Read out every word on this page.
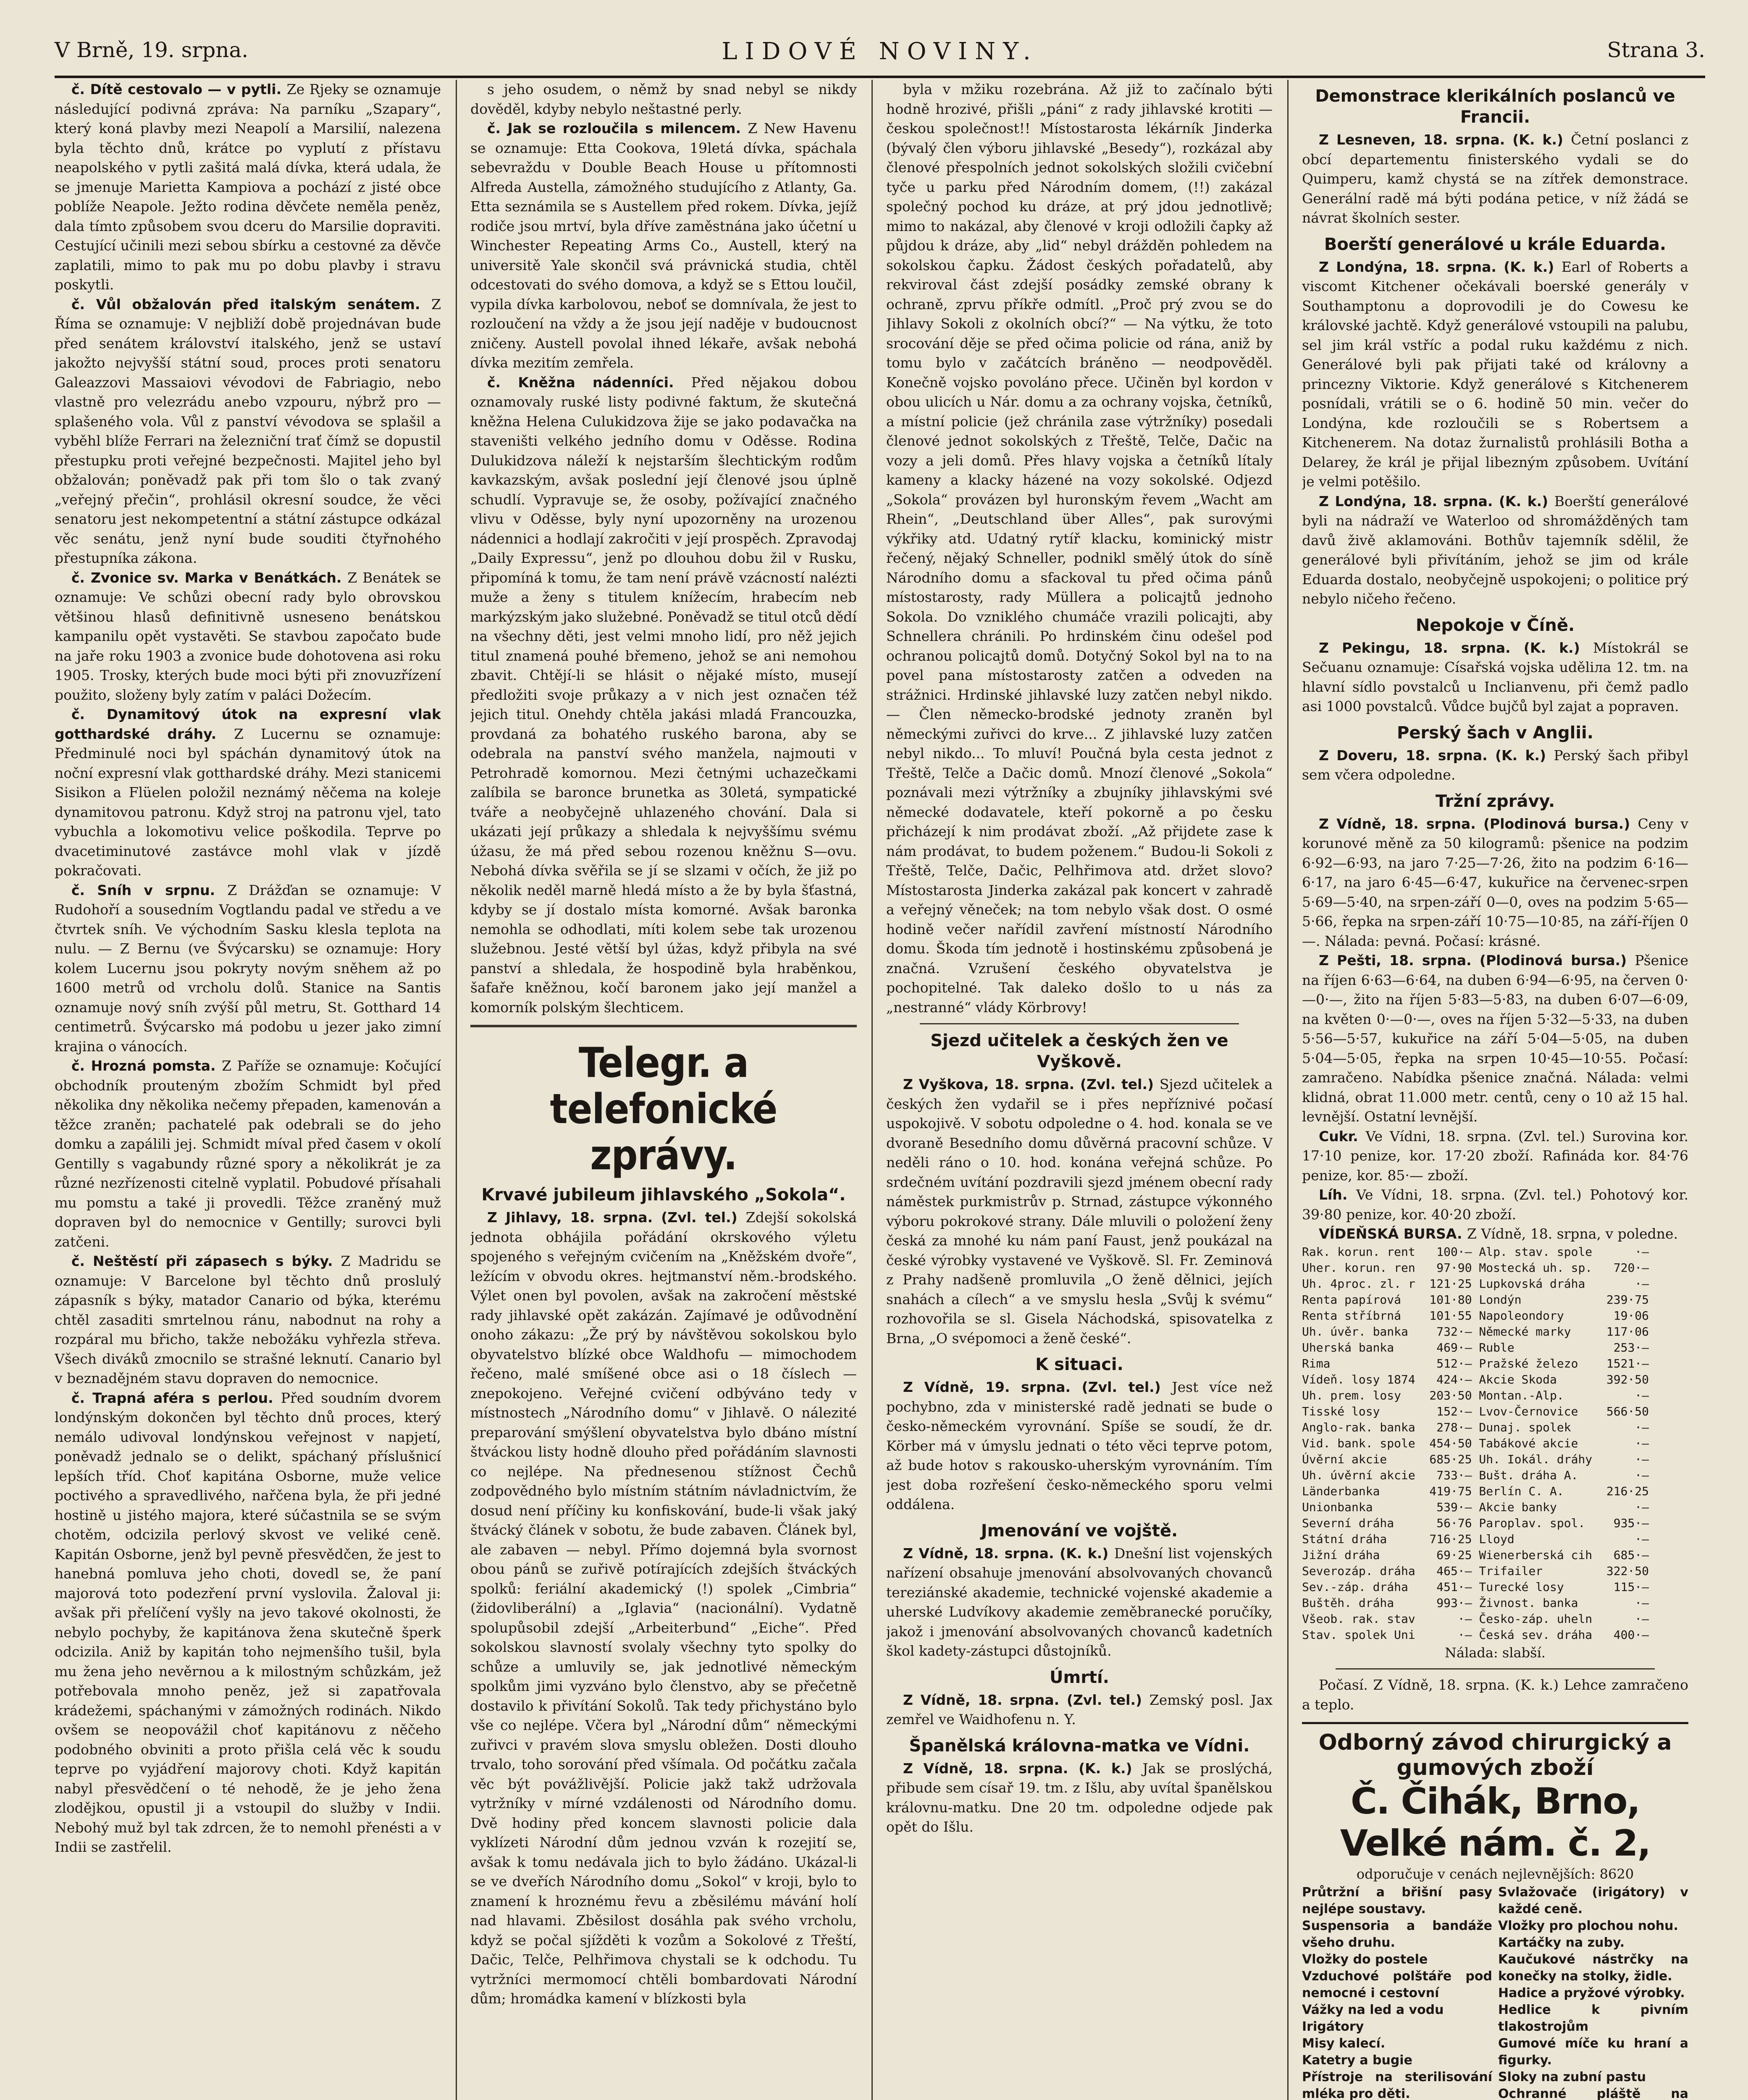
V Brně, 19. srpna.	LIDOVÉ NOVINY.	Strana 3.

č. Dítě cestovalo — v pytli. Ze Rjeky se oznamuje následující podivná zpráva: Na parníku „Szapary“, který koná plavby mezi Neapolí a Marsilií, nalezena byla těchto dnů, krátce po vyplutí z přístavu neapolského v pytli zašitá malá dívka, která udala, že se jmenuje Marietta Kampiova a pochází z jisté obce poblíže Neapole. Ježto rodina děvčete neměla peněz, dala tímto způsobem svou dceru do Marsilie dopraviti. Cestující učinili mezi sebou sbírku a cestovné za děvče zaplatili, mimo to pak mu po dobu plavby i stravu poskytli.

č. Vůl obžalován před italským senátem. Z Říma se oznamuje: V nejbliží době projednávan bude před senátem království italského, jenž se ustaví jakožto nejvyšší státní soud, proces proti senatoru Galeazzovi Massaiovi vévodovi de Fabriagio, nebo vlastně pro velezrádu anebo vzpouru, nýbrž pro — splašeného vola. Vůl z panství vévodova se splašil a vyběhl blíže Ferrari na železniční trať čímž se dopustil přestupku proti veřejné bezpečnosti. Majitel jeho byl obžalován; poněvadž pak při tom šlo o tak zvaný „veřejný přečin“, prohlásil okresní soudce, že věci senatoru jest nekompetentní a státní zástupce odkázal věc senátu, jenž nyní bude souditi čtyřnohého přestupníka zákona.

č. Zvonice sv. Marka v Benátkách. Z Benátek se oznamuje: Ve schůzi obecní rady bylo obrovskou většinou hlasů definitivně usneseno benátskou kampanilu opět vystavěti. Se stavbou započato bude na jaře roku 1903 a zvonice bude dohotovena asi roku 1905. Trosky, kterých bude moci býti při znovuzřízení použito, složeny byly zatím v paláci Dožecím.

č. Dynamitový útok na expresní vlak gotthardské dráhy. Z Lucernu se oznamuje: Předminulé noci byl spáchán dynamitový útok na noční expresní vlak gotthardské dráhy. Mezi stanicemi Sisikon a Flüelen položil neznámý něčema na koleje dynamitovou patronu. Když stroj na patronu vjel, tato vybuchla a lokomotivu velice poškodila. Teprve po dvacetiminutové zastávce mohl vlak v jízdě pokračovati.

č. Sníh v srpnu. Z Drážďan se oznamuje: V Rudohoří a sousedním Vogtlandu padal ve středu a ve čtvrtek sníh. Ve východním Sasku klesla teplota na nulu. — Z Bernu (ve Švýcarsku) se oznamuje: Hory kolem Lucernu jsou pokryty novým sněhem až po 1600 metrů od vrcholu dolů. Stanice na Santis oznamuje nový sníh zvýší půl metru, St. Gotthard 14 centimetrů. Švýcarsko má podobu u jezer jako zimní krajina o vánocích.

č. Hrozná pomsta. Z Paříže se oznamuje: Kočující obchodník prouteným zbožím Schmidt byl před několika dny několika nečemy přepaden, kamenován a těžce zraněn; pachatelé pak odebrali se do jeho domku a zapálili jej. Schmidt míval před časem v okolí Gentilly s vagabundy různé spory a několikrát je za různé nezřízenosti citelně vyplatil. Pobudové přísahali mu pomstu a také ji provedli. Těžce zraněný muž dopraven byl do nemocnice v Gentilly; surovci byli zatčeni.

č. Neštěstí při zápasech s býky. Z Madridu se oznamuje: V Barcelone byl těchto dnů proslulý zápasník s býky, matador Canario od býka, kterému chtěl zasaditi smrtelnou ránu, nabodnut na rohy a rozpáral mu břicho, takže nebožáku vyhřezla střeva. Všech diváků zmocnilo se strašné leknutí. Canario byl v beznadějném stavu dopraven do nemocnice.

č. Trapná aféra s perlou. Před soudním dvorem londýnským dokončen byl těchto dnů proces, který nemálo udivoval londýnskou veřejnost v napjetí, poněvadž jednalo se o delikt, spáchaný příslušnicí lepších tříd. Choť kapitána Osborne, muže velice poctivého a spravedlivého, nařčena byla, že při jedné hostině u jistého majora, které súčastnila se se svým chotěm, odcizila perlový skvost ve veliké ceně. Kapitán Osborne, jenž byl pevně přesvědčen, že jest to hanebná pomluva jeho choti, dovedl se, že paní majorová toto podezření první vyslovila. Žaloval ji: avšak při přelíčení vyšly na jevo takové okolnosti, že nebylo pochyby, že kapitánova žena skutečně šperk odcizila. Aniž by kapitán toho nejmenšího tušil, byla mu žena jeho nevěrnou a k milostným schůzkám, jež potřebovala mnoho peněz, jež si zapatřovala krádežemi, spáchanými v zámožných rodinách. Nikdo ovšem se neopovážil choť kapitánovu z něčeho podobného obviniti a proto přišla celá věc k soudu teprve po vyjádření majorovy choti. Když kapitán nabyl přesvědčení o té nehodě, že je jeho žena zlodějkou, opustil ji a vstoupil do služby v Indii. Nebohý muž byl tak zdrcen, že to nemohl přenésti a v Indii se zastřelil.

s jeho osudem, o němž by snad nebyl se nikdy dověděl, kdyby nebylo neštastné perly.

č. Jak se rozloučila s milencem. Z New Havenu se oznamuje: Etta Cookova, 19letá dívka, spáchala sebevraždu v Double Beach House u přítomnosti Alfreda Austella, zámožného studujícího z Atlanty, Ga. Etta seznámila se s Austellem před rokem. Dívka, jejíž rodiče jsou mrtví, byla dříve zaměstnána jako účetní u Winchester Repeating Arms Co., Austell, který na universitě Yale skončil svá právnická studia, chtěl odcestovati do svého domova, a když se s Ettou loučil, vypila dívka karbolovou, neboť se domnívala, že jest to rozloučení na vždy a že jsou její naděje v budoucnost zničeny. Austell povolal ihned lékaře, avšak nebohá dívka mezitím zemřela.

č. Kněžna nádenníci. Před nějakou dobou oznamovaly ruské listy podivné faktum, že skutečná kněžna Helena Culukidzova žije se jako podavačka na staveništi velkého jedního domu v Oděsse. Rodina Dulukidzova náleží k nejstarším šlechtickým rodům kavkazským, avšak poslední její členové jsou úplně schudlí. Vypravuje se, že osoby, požívající značného vlivu v Oděsse, byly nyní upozorněny na urozenou nádennici a hodlají zakročiti v její prospěch. Zpravodaj „Daily Expressu“, jenž po dlouhou dobu žil v Rusku, připomíná k tomu, že tam není právě vzácností nalézti muže a ženy s titulem knížecím, hrabecím neb markýzským jako služebné. Poněvadž se titul otců dědí na všechny děti, jest velmi mnoho lidí, pro něž jejich titul znamená pouhé břemeno, jehož se ani nemohou zbavit. Chtějí-li se hlásit o nějaké místo, musejí předložiti svoje průkazy a v nich jest označen též jejich titul. Onehdy chtěla jakási mladá Francouzka, provdaná za bohatého ruského barona, aby se odebrala na panství svého manžela, najmouti v Petrohradě komornou. Mezi četnými uchazečkami zalíbila se baronce brunetka as 30letá, sympatické tváře a neobyčejně uhlazeného chování. Dala si ukázati její průkazy a shledala k nejvyššímu svému úžasu, že má před sebou rozenou kněžnu S—ovu. Nebohá dívka svěřila se jí se slzami v očích, že již po několik neděl marně hledá místo a že by byla šťastná, kdyby se jí dostalo místa komorné. Avšak baronka nemohla se odhodlati, míti kolem sebe tak urozenou služebnou. Jesté větší byl úžas, když přibyla na své panství a shledala, že hospodině byla hraběnkou, šafaře kněžnou, kočí baronem jako její manžel a komorník polským šlechticem.

Telegr. a telefonické zprávy.
Krvavé jubileum jihlavského „Sokola“.

Z Jihlavy, 18. srpna. (Zvl. tel.) Zdejší sokolská jednota obhájila pořádání okrskového výletu spojeného s veřejným cvičením na „Kněžském dvoře“, ležícím v obvodu okres. hejtmanství něm.-brodského. Výlet onen byl povolen, avšak na zakročení městské rady jihlavské opět zakázán. Zajímavé je odůvodnění onoho zákazu: „Že prý by návštěvou sokolskou bylo obyvatelstvo blízké obce Waldhofu — mimochodem řečeno, malé smíšené obce asi o 18 číslech — znepokojeno. Veřejné cvičení odbýváno tedy v místnostech „Národního domu“ v Jihlavě. O nálezité preparování smýšlení obyvatelstva bylo dbáno místní štváckou listy hodně dlouho před pořádáním slavnosti co nejlépe. Na přednesenou stížnost Čechů zodpovědného bylo místním státním návladnictvím, že dosud není příčiny ku konfiskování, bude-li však jaký štvácký článek v sobotu, že bude zabaven. Článek byl, ale zabaven — nebyl. Přímo dojemná byla svornost obou pánů se zuřivě potírajících zdejších štváckých spolků: feriální akademický (!) spolek „Cimbria“ (židovliberální) a „Iglavia“ (nacionální). Vydatně spolupůsobil zdejší „Arbeiterbund“ „Eiche“. Před sokolskou slavností svolaly všechny tyto spolky do schůze a umluvily se, jak jednotlivé německým spolkům jimi vyzváno bylo členstvo, aby se přečetně dostavilo k přivítání Sokolů. Tak tedy přichystáno bylo vše co nejlépe. Včera byl „Národní dům“ německými zuřivci v pravém slova smyslu obležen. Dosti dlouho trvalo, toho sorování před všímala. Od počátku začala věc být povážlivější. Policie jakž takž udržovala vytržníky v mírné vzdálenosti od Národního domu. Dvě hodiny před koncem slavnosti policie dala vyklízeti Národní dům jednou vzván k rozejití se, avšak k tomu nedávala jich to bylo žádáno. Ukázal-li se ve dveřích Národního domu „Sokol“ v kroji, bylo to znamení k hroznému řevu a zběsilému mávání holí nad hlavami. Zběsilost dosáhla pak svého vrcholu, když se počal sjížděti k vozům a Sokolové z Třeští, Dačic, Telče, Pelhřimova chystali se k odchodu. Tu vytržníci mermomocí chtěli bombardovati Národní dům; hromádka kamení v blízkosti byla

byla v mžiku rozebrána. Až již to začínalo býti hodně hrozivé, přišli „páni“ z rady jihlavské krotiti — českou společnost!! Místostarosta lékárník Jinderka (bývalý člen výboru jihlavské „Besedy“), rozkázal aby členové přespolních jednot sokolských složili cvičební tyče u parku před Národním domem, (!!) zakázal společný pochod ku dráze, at prý jdou jednotlivě; mimo to nakázal, aby členové v kroji odložili čapky až půjdou k dráze, aby „lid“ nebyl drážděn pohledem na sokolskou čapku. Žádost českých pořadatelů, aby rekviroval část zdejší posádky zemské obrany k ochraně, zprvu příkře odmítl. „Proč prý zvou se do Jihlavy Sokoli z okolních obcí?“ — Na výtku, že toto srocování děje se před očima policie od rána, aniž by tomu bylo v začátcích bráněno — neodpověděl. Konečně vojsko povoláno přece. Učiněn byl kordon v obou ulicích u Nár. domu a za ochrany vojska, četníků, a místní policie (jež chránila zase výtržníky) posedali členové jednot sokolských z Třeště, Telče, Dačic na vozy a jeli domů. Přes hlavy vojska a četníků lítaly kameny a klacky házené na vozy sokolské. Odjezd „Sokola“ provázen byl huronským řevem „Wacht am Rhein“, „Deutschland über Alles“, pak surovými výkřiky atd. Udatný rytíř klacku, kominický mistr řečený, nějaký Schneller, podnikl smělý útok do síně Národního domu a sfackoval tu před očima pánů místostarosty, rady Müllera a policajtů jednoho Sokola. Do vzniklého chumáče vrazili policajti, aby Schnellera chránili. Po hrdinském činu odešel pod ochranou policajtů domů. Dotyčný Sokol byl na to na povel pana místostarosty zatčen a odveden na strážnici. Hrdinské jihlavské luzy zatčen nebyl nikdo. — Člen německo-brodské jednoty zraněn byl německými zuřivci do krve... Z jihlavské luzy zatčen nebyl nikdo... To mluví! Poučná byla cesta jednot z Třeště, Telče a Dačic domů. Mnozí členové „Sokola“ poznávali mezi výtržníky a zbujníky jihlavskými své německé dodavatele, kteří pokorně a po česku přicházejí k nim prodávat zboží. „Až přijdete zase k nám prodávat, to budem poženem.“ Budou-li Sokoli z Třeště, Telče, Dačic, Pelhřimova atd. držet slovo? Místostarosta Jinderka zakázal pak koncert v zahradě a veřejný věneček; na tom nebylo však dost. O osmé hodině večer nařídil zavření místností Národního domu. Škoda tím jednotě i hostinskému způsobená je značná. Vzrušení českého obyvatelstva je pochopitelné. Tak daleko došlo to u nás za „nestranné“ vlády Körbrovy!

Sjezd učitelek a českých žen ve Vyškově.

Z Vyškova, 18. srpna. (Zvl. tel.) Sjezd učitelek a českých žen vydařil se i přes nepříznivé počasí uspokojivě. V sobotu odpoledne o 4. hod. konala se ve dvoraně Besedního domu důvěrná pracovní schůze. V neděli ráno o 10. hod. konána veřejná schůze. Po srdečném uvítání pozdravili sjezd jménem obecní rady náměstek purkmistrův p. Strnad, zástupce výkonného výboru pokrokové strany. Dále mluvili o položení ženy česká za mnohé ku nám paní Faust, jenž poukázal na české výrobky vystavené ve Vyškově. Sl. Fr. Zeminová z Prahy nadšeně promluvila „O ženě dělnici, jejích snahách a cílech“ a ve smyslu hesla „Svůj k svému“ rozhovořila se sl. Gisela Náchodská, spisovatelka z Brna, „O svépomoci a ženě české“.

K situaci.

Z Vídně, 19. srpna. (Zvl. tel.) Jest více než pochybno, zda v ministerské radě jednati se bude o česko-německém vyrovnání. Spíše se soudí, že dr. Körber má v úmyslu jednati o této věci teprve potom, až bude hotov s rakousko-uherským vyrovnáním. Tím jest doba rozřešení česko-německého sporu velmi oddálena.

Jmenování ve vojště.

Z Vídně, 18. srpna. (K. k.) Dnešní list vojenských nařízení obsahuje jmenování absolvovaných chovanců tereziánské akademie, technické vojenské akademie a uherské Ludvíkovy akademie zeměbranecké poručíky, jakož i jmenování absolvovaných chovanců kadetních škol kadety-zástupci důstojníků.

Úmrtí.

Z Vídně, 18. srpna. (Zvl. tel.) Zemský posl. Jax zemřel ve Waidhofenu n. Y.

Španělská královna-matka ve Vídni.

Z Vídně, 18. srpna. (K. k.) Jak se proslýchá, přibude sem císař 19. tm. z Išlu, aby uvítal španělskou královnu-matku. Dne 20 tm. odpoledne odjede pak opět do Išlu.

Demonstrace klerikálních poslanců ve Francii.

Z Lesneven, 18. srpna. (K. k.) Četní poslanci z obcí departementu finisterského vydali se do Quimperu, kamž chystá se na zítřek demonstrace. Generální radě má býti podána petice, v níž žádá se návrat školních sester.

Boerští generálové u krále Eduarda.

Z Londýna, 18. srpna. (K. k.) Earl of Roberts a viscomt Kitchener očekávali boerské generály v Southamptonu a doprovodili je do Cowesu ke královské jachtě. Když generálové vstoupili na palubu, sel jim král vstříc a podal ruku každému z nich. Generálové byli pak přijati také od královny a princezny Viktorie. Když generálové s Kitchenerem posnídali, vrátili se o 6. hodině 50 min. večer do Londýna, kde rozloučili se s Robertsem a Kitchenerem. Na dotaz žurnalistů prohlásili Botha a Delarey, že král je přijal libezným způsobem. Uvítání je velmi potěšilo.

Z Londýna, 18. srpna. (K. k.) Boerští generálové byli na nádraží ve Waterloo od shromážděných tam davů živě aklamováni. Bothův tajemník sdělil, že generálové byli přivítáním, jehož se jim od krále Eduarda dostalo, neobyčejně uspokojeni; o politice prý nebylo ničeho řečeno.

Nepokoje v Číně.

Z Pekingu, 18. srpna. (K. k.) Místokrál se Sečuanu oznamuje: Císařská vojska uděliла 12. tm. na hlavní sídlo povstalců u Inclianvenu, při čemž padlo asi 1000 povstalců. Vůdce bujčů byl zajat a popraven.

Perský šach v Anglii.

Z Doveru, 18. srpna. (K. k.) Perský šach přibyl sem včera odpoledne.

Tržní zprávy.

Z Vídně, 18. srpna. (Plodinová bursa.) Ceny v korunové měně za 50 kilogramů: pšenice na podzim 6·92—6·93, na jaro 7·25—7·26, žito na podzim 6·16—6·17, na jaro 6·45—6·47, kukuřice na červenec-srpen 5·69—5·40, na srpen-září 0—0, oves na podzim 5·65—5·66, řepka na srpen-září 10·75—10·85, na září-říjen 0—. Nálada: pevná. Počasí: krásné.

Z Pešti, 18. srpna. (Plodinová bursa.) Pšenice na říjen 6·63—6·64, na duben 6·94—6·95, na červen 0·—0·—, žito na říjen 5·83—5·83, na duben 6·07—6·09, na květen 0·—0·—, oves na říjen 5·32—5·33, na duben 5·56—5·57, kukuřice na září 5·04—5·05, na duben 5·04—5·05, řepka na srpen 10·45—10·55. Počasí: zamračeno. Nabídka pšenice značná. Nálada: velmi klidná, obrat 11.000 metr. centů, ceny o 10 až 15 hal. levnější. Ostatní levnější.

Cukr. Ve Vídni, 18. srpna. (Zvl. tel.) Surovina kor. 17·10 penize, kor. 17·20 zboží. Rafináda kor. 84·76 penize, kor. 85·— zboží.

Líh. Ve Vídni, 18. srpna. (Zvl. tel.) Pohotový kor. 39·80 penize, kor. 40·20 zboží.

VÍDEŇSKÁ BURSA. Z Vídně, 18. srpna, v poledne.

Rak. korun. rent   100·— Alp. stav. spole      ·—
Uher. korun. ren   97·90 Mostecká uh. sp.   720·—
Uh. 4proc. zl. r  121·25 Lupkovská dráha       ·—
Renta papírová    101·80 Londýn            239·75
Renta stříbrná    101·55 Napoleondory       19·06
Uh. úvěr. banka    732·— Německé marky     117·06
Uherská banka      469·— Ruble              253·—
Rima               512·— Pražské železo    1521·—
Vídeň. losy 1874   424·— Akcie Skoda       392·50
Uh. prem. losy    203·50 Montan.-Alp.          ·—
Tisské losy        152·— Lvov-Černovice    566·50
Anglo-rak. banka   278·— Dunaj. spolek         ·—
Vid. bank. spole  454·50 Tabákové akcie        ·—
Úvěrní akcie      685·25 Uh. Iokál. dráhy      ·—
Uh. úvěrní akcie   733·— Bušt. dráha A.        ·—
Länderbanka       419·75 Berlín C. A.      216·25
Unionbanka         539·— Akcie banky           ·—
Severní dráha      56·76 Paroplav. spol.    935·—
Státní dráha      716·25 Lloyd                 ·—
Jižní dráha        69·25 Wienerberská cih   685·—
Severozáp. dráha   465·— Trifailer         322·50
Sev.-záp. dráha    451·— Turecké losy       115·—
Buštěh. dráha      993·— Živnost. banka        ·—
Všeob. rak. stav      ·— Česko-záp. uheln      ·—
Stav. spolek Uni      ·— Česká sev. dráha   400·—
Nálada: slabší.

Počasí. Z Vídně, 18. srpna. (K. k.) Lehce zamračeno a teplo.

Odborný závod chirurgický a gumových zboží
Č. Čihák, Brno, Velké nám. č. 2,
odporučuje v cenách nejlevnějších: 8620
Průtržní a břišní pasy nejlépe soustavy.
Suspensoria a bandáže všeho druhu.
Vložky do postele
Vzduchové polštáře pod nemocné i cestovní
Vážky na led a vodu
Irigátory
Misy kalecí.
Katetry a bugie
Přístroje na sterilisování mléka pro děti.
Svlažovače (irigátory) v každé ceně.
Vložky pro plochou nohu.
Kartáčky na zuby.
Kaučukové nástrčky na konečky na stolky, židle.
Hadice a pryžové výrobky.
Hedlice k pivním tlakostrojům
Gumové míče ku hraní a figurky.
Sloky na zubní pastu
Ochranné pláště na
